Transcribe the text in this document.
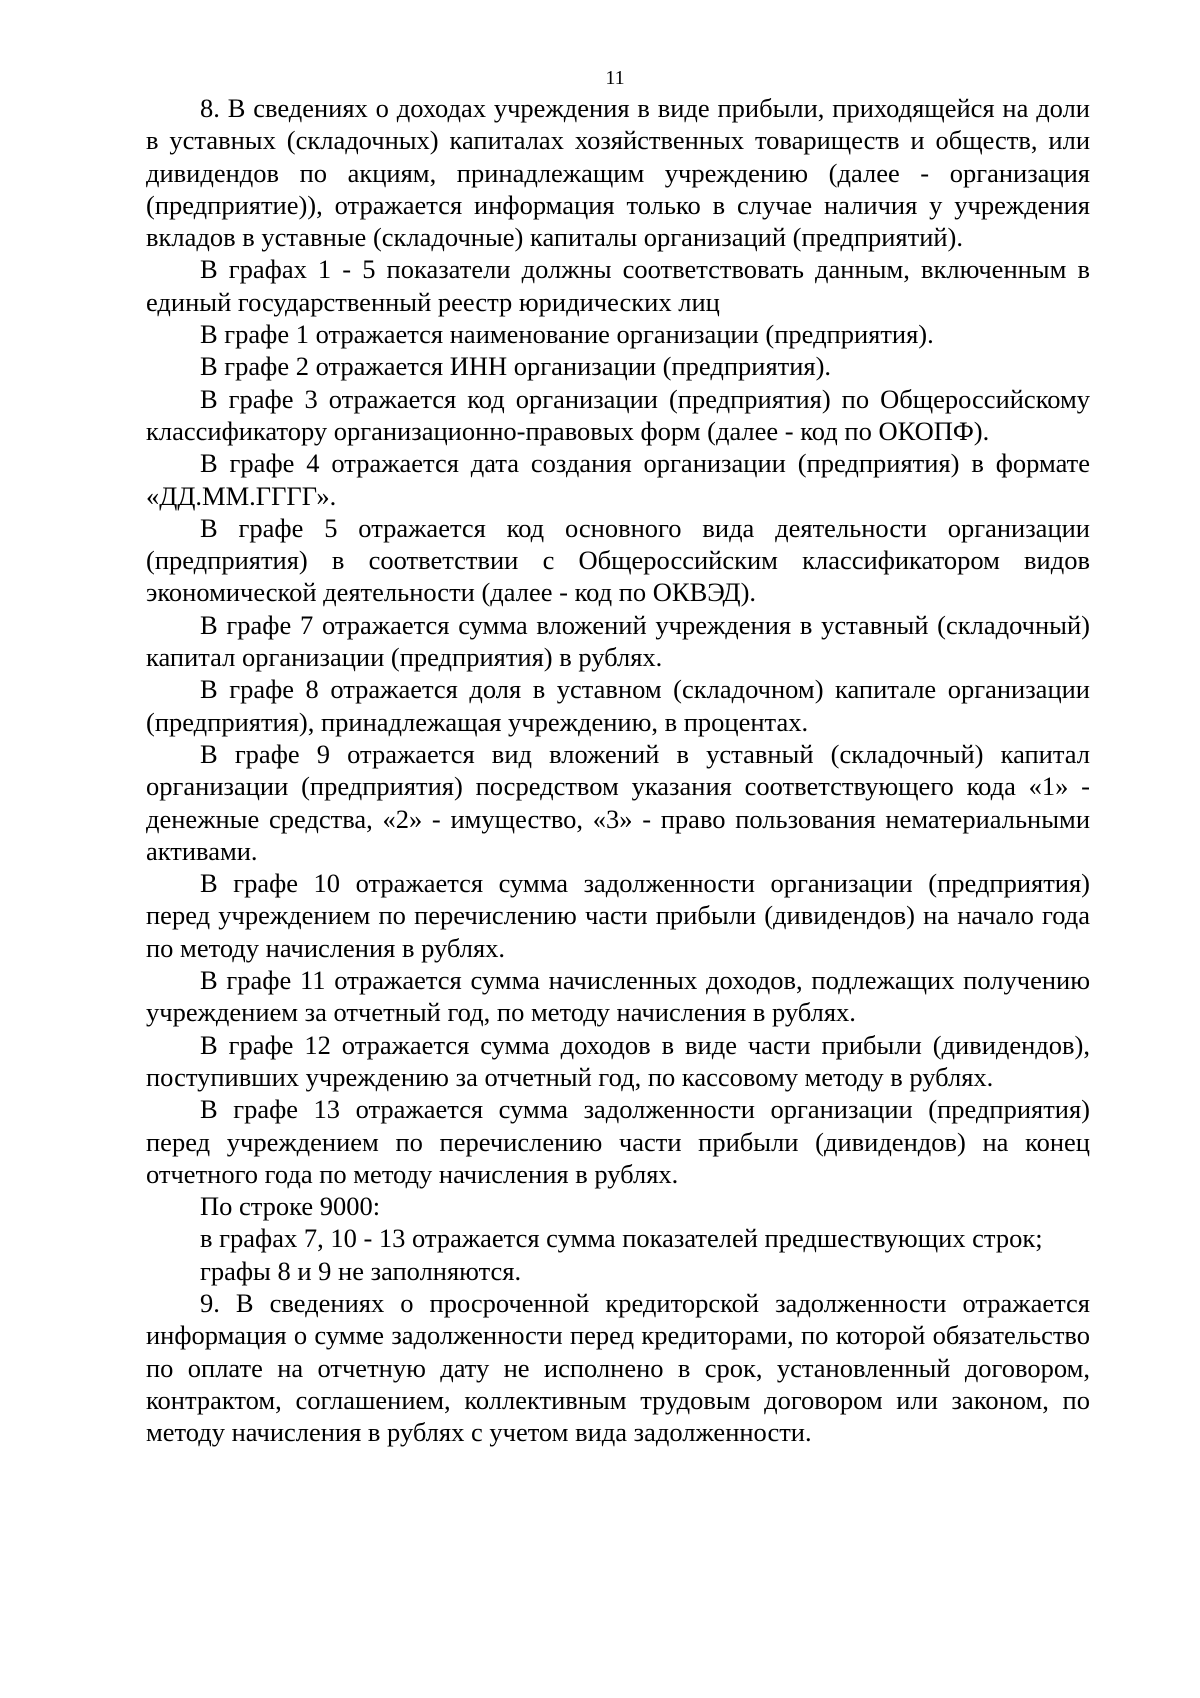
11

8. В сведениях о доходах учреждения в виде прибыли, приходящейся на доли в уставных (складочных) капиталах хозяйственных товариществ и обществ, или дивидендов по акциям, принадлежащим учреждению (далее - организация (предприятие)), отражается информация только в случае наличия у учреждения вкладов в уставные (складочные) капиталы организаций (предприятий).

В графах 1 - 5 показатели должны соответствовать данным, включенным в единый государственный реестр юридических лиц

В графе 1 отражается наименование организации (предприятия).

В графе 2 отражается ИНН организации (предприятия).

В графе 3 отражается код организации (предприятия) по Общероссийскому классификатору организационно-правовых форм (далее - код по ОКОПФ).

В графе 4 отражается дата создания организации (предприятия) в формате «ДД.ММ.ГГГГ».

В графе 5 отражается код основного вида деятельности организации (предприятия) в соответствии с Общероссийским классификатором видов экономической деятельности (далее - код по ОКВЭД).

В графе 7 отражается сумма вложений учреждения в уставный (складочный) капитал организации (предприятия) в рублях.

В графе 8 отражается доля в уставном (складочном) капитале организации (предприятия), принадлежащая учреждению, в процентах.

В графе 9 отражается вид вложений в уставный (складочный) капитал организации (предприятия) посредством указания соответствующего кода «1» - денежные средства, «2» - имущество, «3» - право пользования нематериальными активами.

В графе 10 отражается сумма задолженности организации (предприятия) перед учреждением по перечислению части прибыли (дивидендов) на начало года по методу начисления в рублях.

В графе 11 отражается сумма начисленных доходов, подлежащих получению учреждением за отчетный год, по методу начисления в рублях.

В графе 12 отражается сумма доходов в виде части прибыли (дивидендов), поступивших учреждению за отчетный год, по кассовому методу в рублях.

В графе 13 отражается сумма задолженности организации (предприятия) перед учреждением по перечислению части прибыли (дивидендов) на конец отчетного года по методу начисления в рублях.

По строке 9000:

в графах 7, 10 - 13 отражается сумма показателей предшествующих строк;

графы 8 и 9 не заполняются.

9. В сведениях о просроченной кредиторской задолженности отражается информация о сумме задолженности перед кредиторами, по которой обязательство по оплате на отчетную дату не исполнено в срок, установленный договором, контрактом, соглашением, коллективным трудовым договором или законом, по методу начисления в рублях с учетом вида задолженности.
